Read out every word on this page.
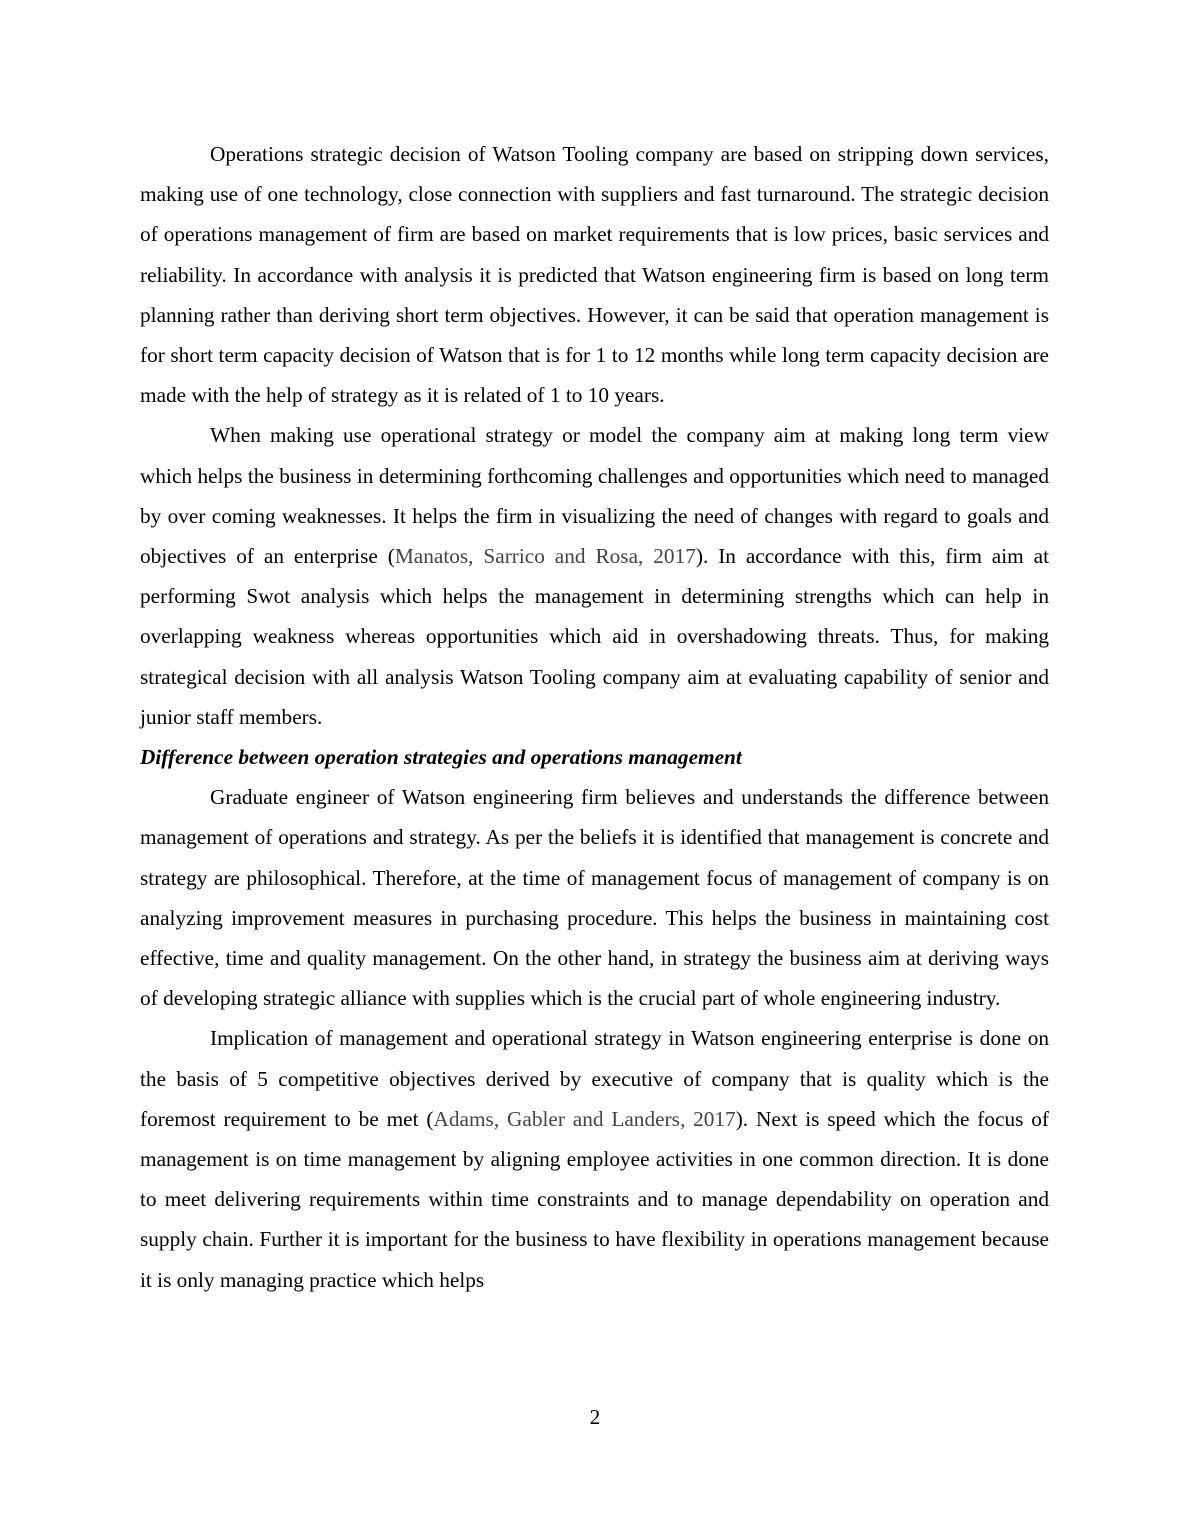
Operations strategic decision of Watson Tooling company are based on stripping down services, making use of one technology, close connection with suppliers and fast turnaround. The strategic decision of operations management of firm are based on market requirements that is low prices, basic services and reliability. In accordance with analysis it is predicted that Watson engineering firm is based on long term planning rather than deriving short term objectives. However, it can be said that operation management is for short term capacity decision of Watson that is for 1 to 12 months while long term capacity decision are made with the help of strategy as it is related of 1 to 10 years.

When making use operational strategy or model the company aim at making long term view which helps the business in determining forthcoming challenges and opportunities which need to managed by over coming weaknesses. It helps the firm in visualizing the need of changes with regard to goals and objectives of an enterprise (Manatos, Sarrico and Rosa, 2017). In accordance with this, firm aim at performing Swot analysis which helps the management in determining strengths which can help in overlapping weakness whereas opportunities which aid in overshadowing threats. Thus, for making strategical decision with all analysis Watson Tooling company aim at evaluating capability of senior and junior staff members.

Difference between operation strategies and operations management

Graduate engineer of Watson engineering firm believes and understands the difference between management of operations and strategy. As per the beliefs it is identified that management is concrete and strategy are philosophical. Therefore, at the time of management focus of management of company is on analyzing improvement measures in purchasing procedure. This helps the business in maintaining cost effective, time and quality management. On the other hand, in strategy the business aim at deriving ways of developing strategic alliance with supplies which is the crucial part of whole engineering industry.

Implication of management and operational strategy in Watson engineering enterprise is done on the basis of 5 competitive objectives derived by executive of company that is quality which is the foremost requirement to be met (Adams, Gabler and Landers, 2017). Next is speed which the focus of management is on time management by aligning employee activities in one common direction. It is done to meet delivering requirements within time constraints and to manage dependability on operation and supply chain. Further it is important for the business to have flexibility in operations management because it is only managing practice which helps

2
